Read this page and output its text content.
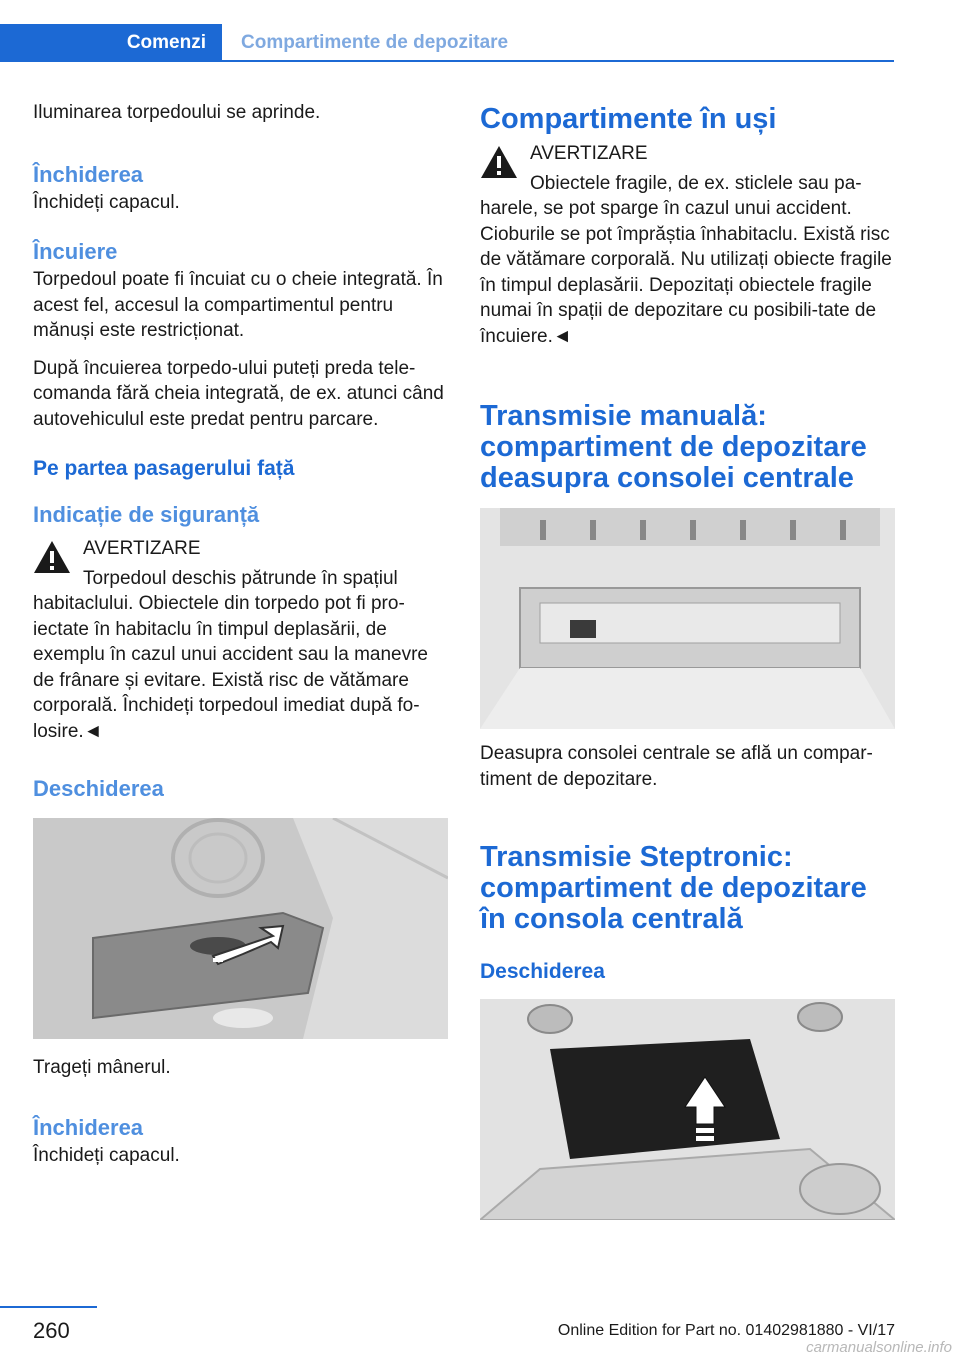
Comenzi	Compartimente de depozitare

Iluminarea torpedoului se aprinde.

Închiderea

Închideți capacul.

Încuiere

Torpedoul poate fi încuiat cu o cheie integrată. În acest fel, accesul la compartimentul pentru mănuși este restricționat.

După încuierea torpedo-ului puteți preda tele-comanda fără cheia integrată, de ex. atunci când autovehiculul este predat pentru parcare.

Pe partea pasagerului față
Indicație de siguranță
AVERTIZARE

Torpedoul deschis pătrunde în spațiul

habitaclului. Obiectele din torpedo pot fi pro-iectate în habitaclu în timpul deplasării, de exemplu în cazul unui accident sau la manevre de frânare și evitare. Există risc de vătămare corporală. Închideți torpedoul imediat după fo-losire.◄

Deschiderea

Trageți mânerul.

Închiderea

Închideți capacul.

Compartimente în uși
AVERTIZARE

Obiectele fragile, de ex. sticlele sau pa-

harele, se pot sparge în cazul unui accident. Cioburile se pot împrăștia înhabitaclu. Există risc de vătămare corporală. Nu utilizați obiecte fragile în timpul deplasării. Depozitați obiectele fragile numai în spații de depozitare cu posibili-tate de încuiere.◄

Transmisie manuală: compartiment de depozitare deasupra consolei centrale

Deasupra consolei centrale se află un compar-timent de depozitare.

Transmisie Steptronic: compartiment de depozitare în consola centrală
Deschiderea
260	Online Edition for Part no. 01402981880 - VI/17
carmanualsonline.info
